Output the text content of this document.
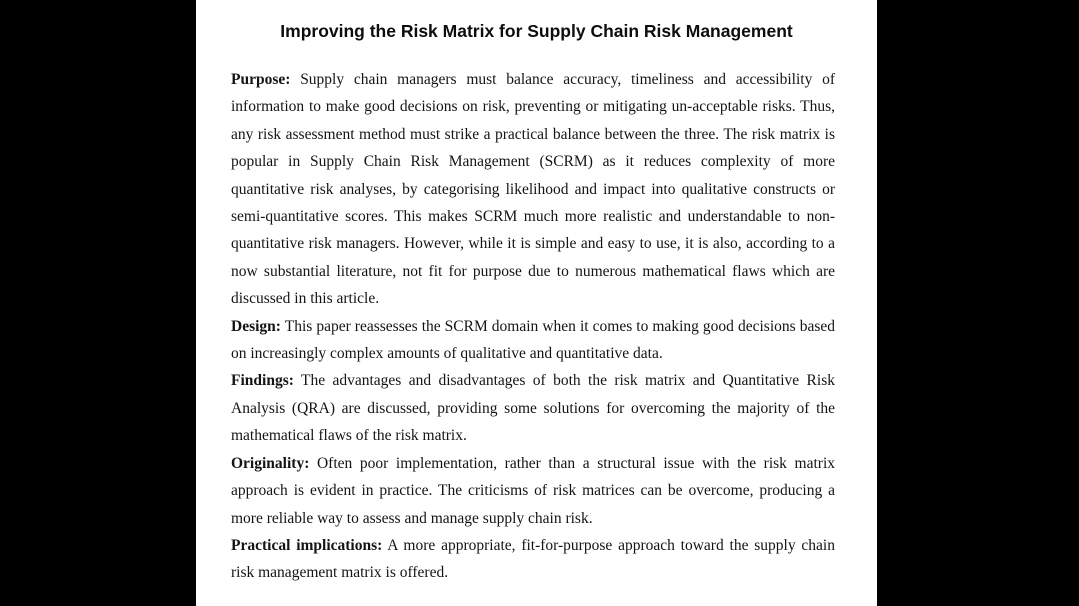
Improving the Risk Matrix for Supply Chain Risk Management

Purpose: Supply chain managers must balance accuracy, timeliness and accessibility of information to make good decisions on risk, preventing or mitigating un-acceptable risks. Thus, any risk assessment method must strike a practical balance between the three. The risk matrix is popular in Supply Chain Risk Management (SCRM) as it reduces complexity of more quantitative risk analyses, by categorising likelihood and impact into qualitative constructs or semi-quantitative scores. This makes SCRM much more realistic and understandable to non-quantitative risk managers. However, while it is simple and easy to use, it is also, according to a now substantial literature, not fit for purpose due to numerous mathematical flaws which are discussed in this article.

Design: This paper reassesses the SCRM domain when it comes to making good decisions based on increasingly complex amounts of qualitative and quantitative data.

Findings: The advantages and disadvantages of both the risk matrix and Quantitative Risk Analysis (QRA) are discussed, providing some solutions for overcoming the majority of the mathematical flaws of the risk matrix.

Originality: Often poor implementation, rather than a structural issue with the risk matrix approach is evident in practice. The criticisms of risk matrices can be overcome, producing a more reliable way to assess and manage supply chain risk.

Practical implications: A more appropriate, fit-for-purpose approach toward the supply chain risk management matrix is offered.
